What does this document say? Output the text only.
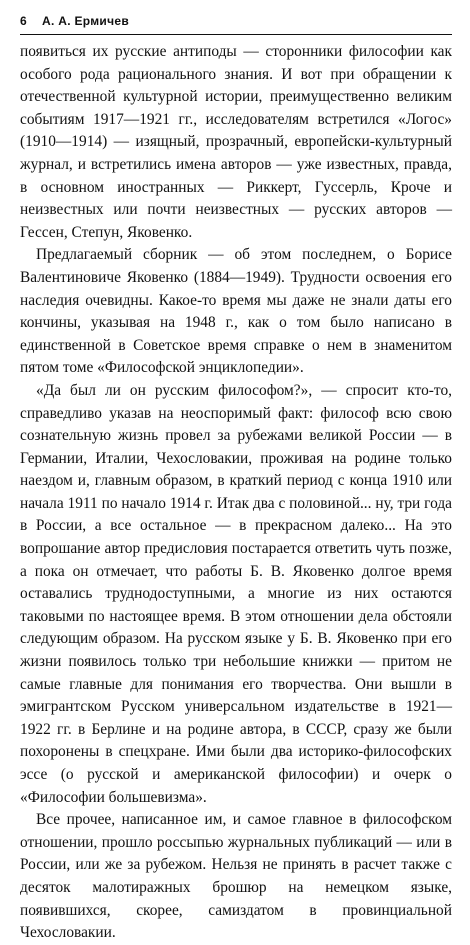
6	А. А. Ермичев

появиться их русские антиподы — сторонники философии как особого рода рационального знания. И вот при обращении к отечественной культурной истории, преимущественно великим событиям 1917—1921 гг., исследователям встретился «Логос» (1910—1914) — изящный, прозрачный, европейски-культурный журнал, и встретились имена авторов — уже известных, правда, в основном иностранных — Риккерт, Гуссерль, Кроче и неизвестных или почти неизвестных — русских авторов — Гессен, Степун, Яковенко.

Предлагаемый сборник — об этом последнем, о Борисе Валентиновиче Яковенко (1884—1949). Трудности освоения его наследия очевидны. Какое-то время мы даже не знали даты его кончины, указывая на 1948 г., как о том было написано в единственной в Советское время справке о нем в знаменитом пятом томе «Философской энциклопедии».

«Да был ли он русским философом?», — спросит кто-то, справедливо указав на неоспоримый факт: философ всю свою сознательную жизнь провел за рубежами великой России — в Германии, Италии, Чехословакии, проживая на родине только наездом и, главным образом, в краткий период с конца 1910 или начала 1911 по начало 1914 г. Итак два с половиной... ну, три года в России, а все остальное — в прекрасном далеко... На это вопрошание автор предисловия постарается ответить чуть позже, а пока он отмечает, что работы Б. В. Яковенко долгое время оставались труднодоступными, а многие из них остаются таковыми по настоящее время. В этом отношении дела обстояли следующим образом. На русском языке у Б. В. Яковенко при его жизни появилось только три небольшие книжки — притом не самые главные для понимания его творчества. Они вышли в эмигрантском Русском универсальном издательстве в 1921—1922 гг. в Берлине и на родине автора, в СССР, сразу же были похоронены в спецхране. Ими были два историко-философских эссе (о русской и американской философии) и очерк о «Философии большевизма».

Все прочее, написанное им, и самое главное в философском отношении, прошло россыпью журнальных публикаций — или в России, или же за рубежом. Нельзя не принять в расчет также с десяток малотиражных брошюр на немецком языке, появившихся, скорее, самиздатом в провинциальной Чехословакии.
